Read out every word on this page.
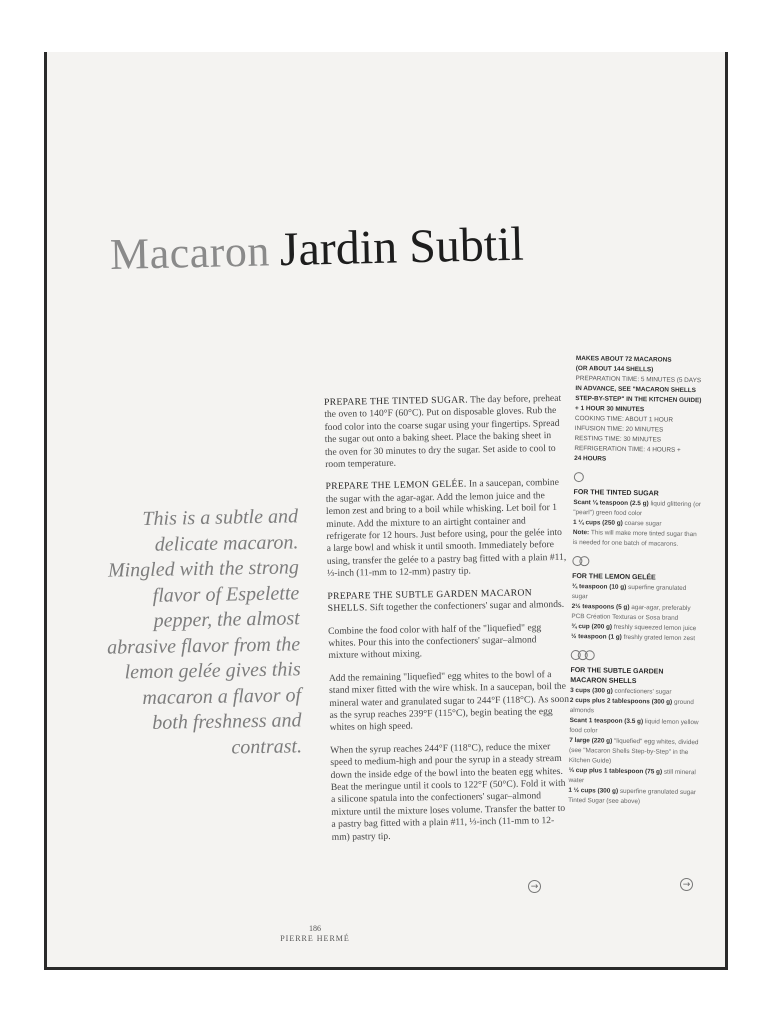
Macaron Jardin Subtil
This is a subtle and delicate macaron. Mingled with the strong flavor of Espelette pepper, the almost abrasive flavor from the lemon gelée gives this macaron a flavor of both freshness and contrast.

PREPARE THE TINTED SUGAR. The day before, preheat the oven to 140°F (60°C). Put on disposable gloves. Rub the food color into the coarse sugar using your fingertips. Spread the sugar out onto a baking sheet. Place the baking sheet in the oven for 30 minutes to dry the sugar. Set aside to cool to room temperature.

PREPARE THE LEMON GELÉE. In a saucepan, combine the sugar with the agar-agar. Add the lemon juice and the lemon zest and bring to a boil while whisking. Let boil for 1 minute. Add the mixture to an airtight container and refrigerate for 12 hours. Just before using, pour the gelée into a large bowl and whisk it until smooth. Immediately before using, transfer the gelée to a pastry bag fitted with a plain #11, ⅓-inch (11-mm to 12-mm) pastry tip.

PREPARE THE SUBTLE GARDEN MACARON SHELLS. Sift together the confectioners' sugar and almonds.

Combine the food color with half of the "liquefied" egg whites. Pour this into the confectioners' sugar–almond mixture without mixing.

Add the remaining "liquefied" egg whites to the bowl of a stand mixer fitted with the wire whisk. In a saucepan, boil the mineral water and granulated sugar to 244°F (118°C). As soon as the syrup reaches 239°F (115°C), begin beating the egg whites on high speed.

When the syrup reaches 244°F (118°C), reduce the mixer speed to medium-high and pour the syrup in a steady stream down the inside edge of the bowl into the beaten egg whites. Beat the meringue until it cools to 122°F (50°C). Fold it with a silicone spatula into the confectioners' sugar–almond mixture until the mixture loses volume. Transfer the batter to a pastry bag fitted with a plain #11, ⅓-inch (11-mm to 12-mm) pastry tip.

→
MAKES ABOUT 72 MACARONS
(OR ABOUT 144 SHELLS)
PREPARATION TIME: 5 MINUTES (5 DAYS
IN ADVANCE, SEE "MACARON SHELLS
STEP-BY-STEP" IN THE KITCHEN GUIDE)
+ 1 HOUR 30 MINUTES
COOKING TIME: ABOUT 1 HOUR
INFUSION TIME: 20 MINUTES
RESTING TIME: 30 MINUTES
REFRIGERATION TIME: 4 HOURS +
24 HOURS
FOR THE TINTED SUGAR
Scant ⅛ teaspoon (2.5 g) liquid glittering (or "pearl") green food color
1 ¼ cups (250 g) coarse sugar
Note: This will make more tinted sugar than is needed for one batch of macarons.
FOR THE LEMON GELÉE
¾ teaspoon (10 g) superfine granulated sugar
2½ teaspoons (5 g) agar-agar, preferably PCB Création Texturas or Sosa brand
¾ cup (200 g) freshly squeezed lemon juice
½ teaspoon (1 g) freshly grated lemon zest
FOR THE SUBTLE GARDEN MACARON SHELLS
3 cups (300 g) confectioners' sugar
2 cups plus 2 tablespoons (300 g) ground almonds
Scant 1 teaspoon (3.5 g) liquid lemon yellow food color
7 large (220 g) "liquefied" egg whites, divided (see "Macaron Shells Step-by-Step" in the Kitchen Guide)
⅓ cup plus 1 tablespoon (75 g) still mineral water
1 ½ cups (300 g) superfine granulated sugar
Tinted Sugar (see above)
→
186
PIERRE HERMÉ
